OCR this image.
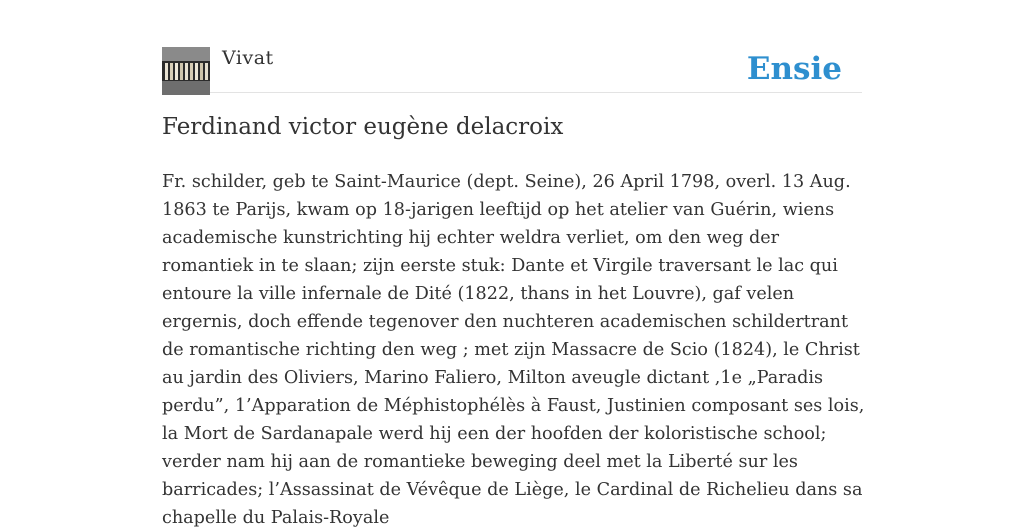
Vivat	Ensie
Ferdinand victor eugène delacroix

Fr. schilder, geb te Saint-Maurice (dept. Seine), 26 April 1798, overl. 13 Aug. 1863 te Parijs, kwam op 18-jarigen leeftijd op het atelier van Guérin, wiens academische kunstrichting hij echter weldra verliet, om den weg der romantiek in te slaan; zijn eerste stuk: Dante et Virgile traversant le lac qui entoure la ville infernale de Dité (1822, thans in het Louvre), gaf velen ergernis, doch effende tegenover den nuchteren academischen schildertrant de romantische richting den weg ; met zijn Massacre de Scio (1824), le Christ au jardin des Oliviers, Marino Faliero, Milton aveugle dictant ,1e „Paradis perdu”, 1’Apparation de Méphistophélès à Faust, Justinien composant ses lois, la Mort de Sardanapale werd hij een der hoofden der koloristische school; verder nam hij aan de romantieke beweging deel met la Liberté sur les barricades; l’Assassinat de Vévêque de Liège, le Cardinal de Richelieu dans sa chapelle du Palais-Royale
